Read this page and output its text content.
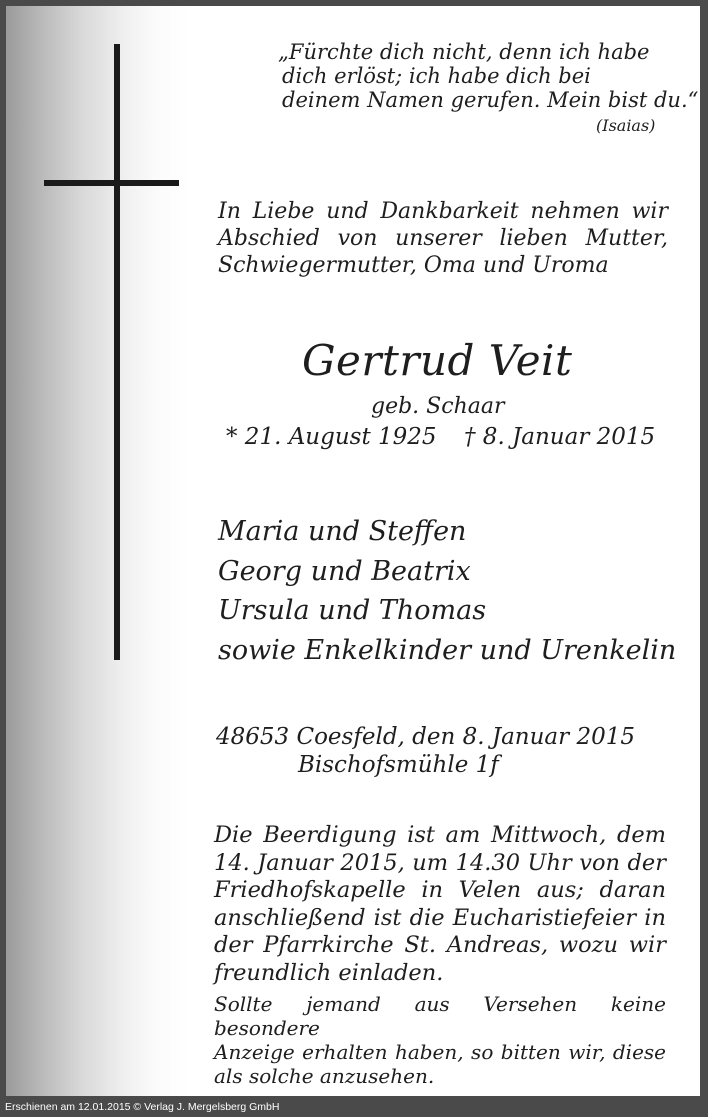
„Fürchte dich nicht, denn ich habe
dich erlöst; ich habe dich bei
deinem Namen gerufen. Mein bist du.“
(Isaias)
In Liebe und Dankbarkeit nehmen wir
Abschied von unserer lieben Mutter,
Schwiegermutter, Oma und Uroma
Gertrud Veit
geb. Schaar
* 21. August 1925 † 8. Januar 2015
Maria und Steffen
Georg und Beatrix
Ursula und Thomas
sowie Enkelkinder und Urenkelin
48653 Coesfeld, den 8. Januar 2015
Bischofsmühle 1f
Die Beerdigung ist am Mittwoch, dem
14. Januar 2015, um 14.30 Uhr von der
Friedhofskapelle in Velen aus; daran
anschließend ist die Eucharistiefeier in
der Pfarrkirche St. Andreas, wozu wir
freundlich einladen.
Sollte jemand aus Versehen keine besondere
Anzeige erhalten haben, so bitten wir, diese
als solche anzusehen.
Erschienen am 12.01.2015 © Verlag J. Mergelsberg GmbH
